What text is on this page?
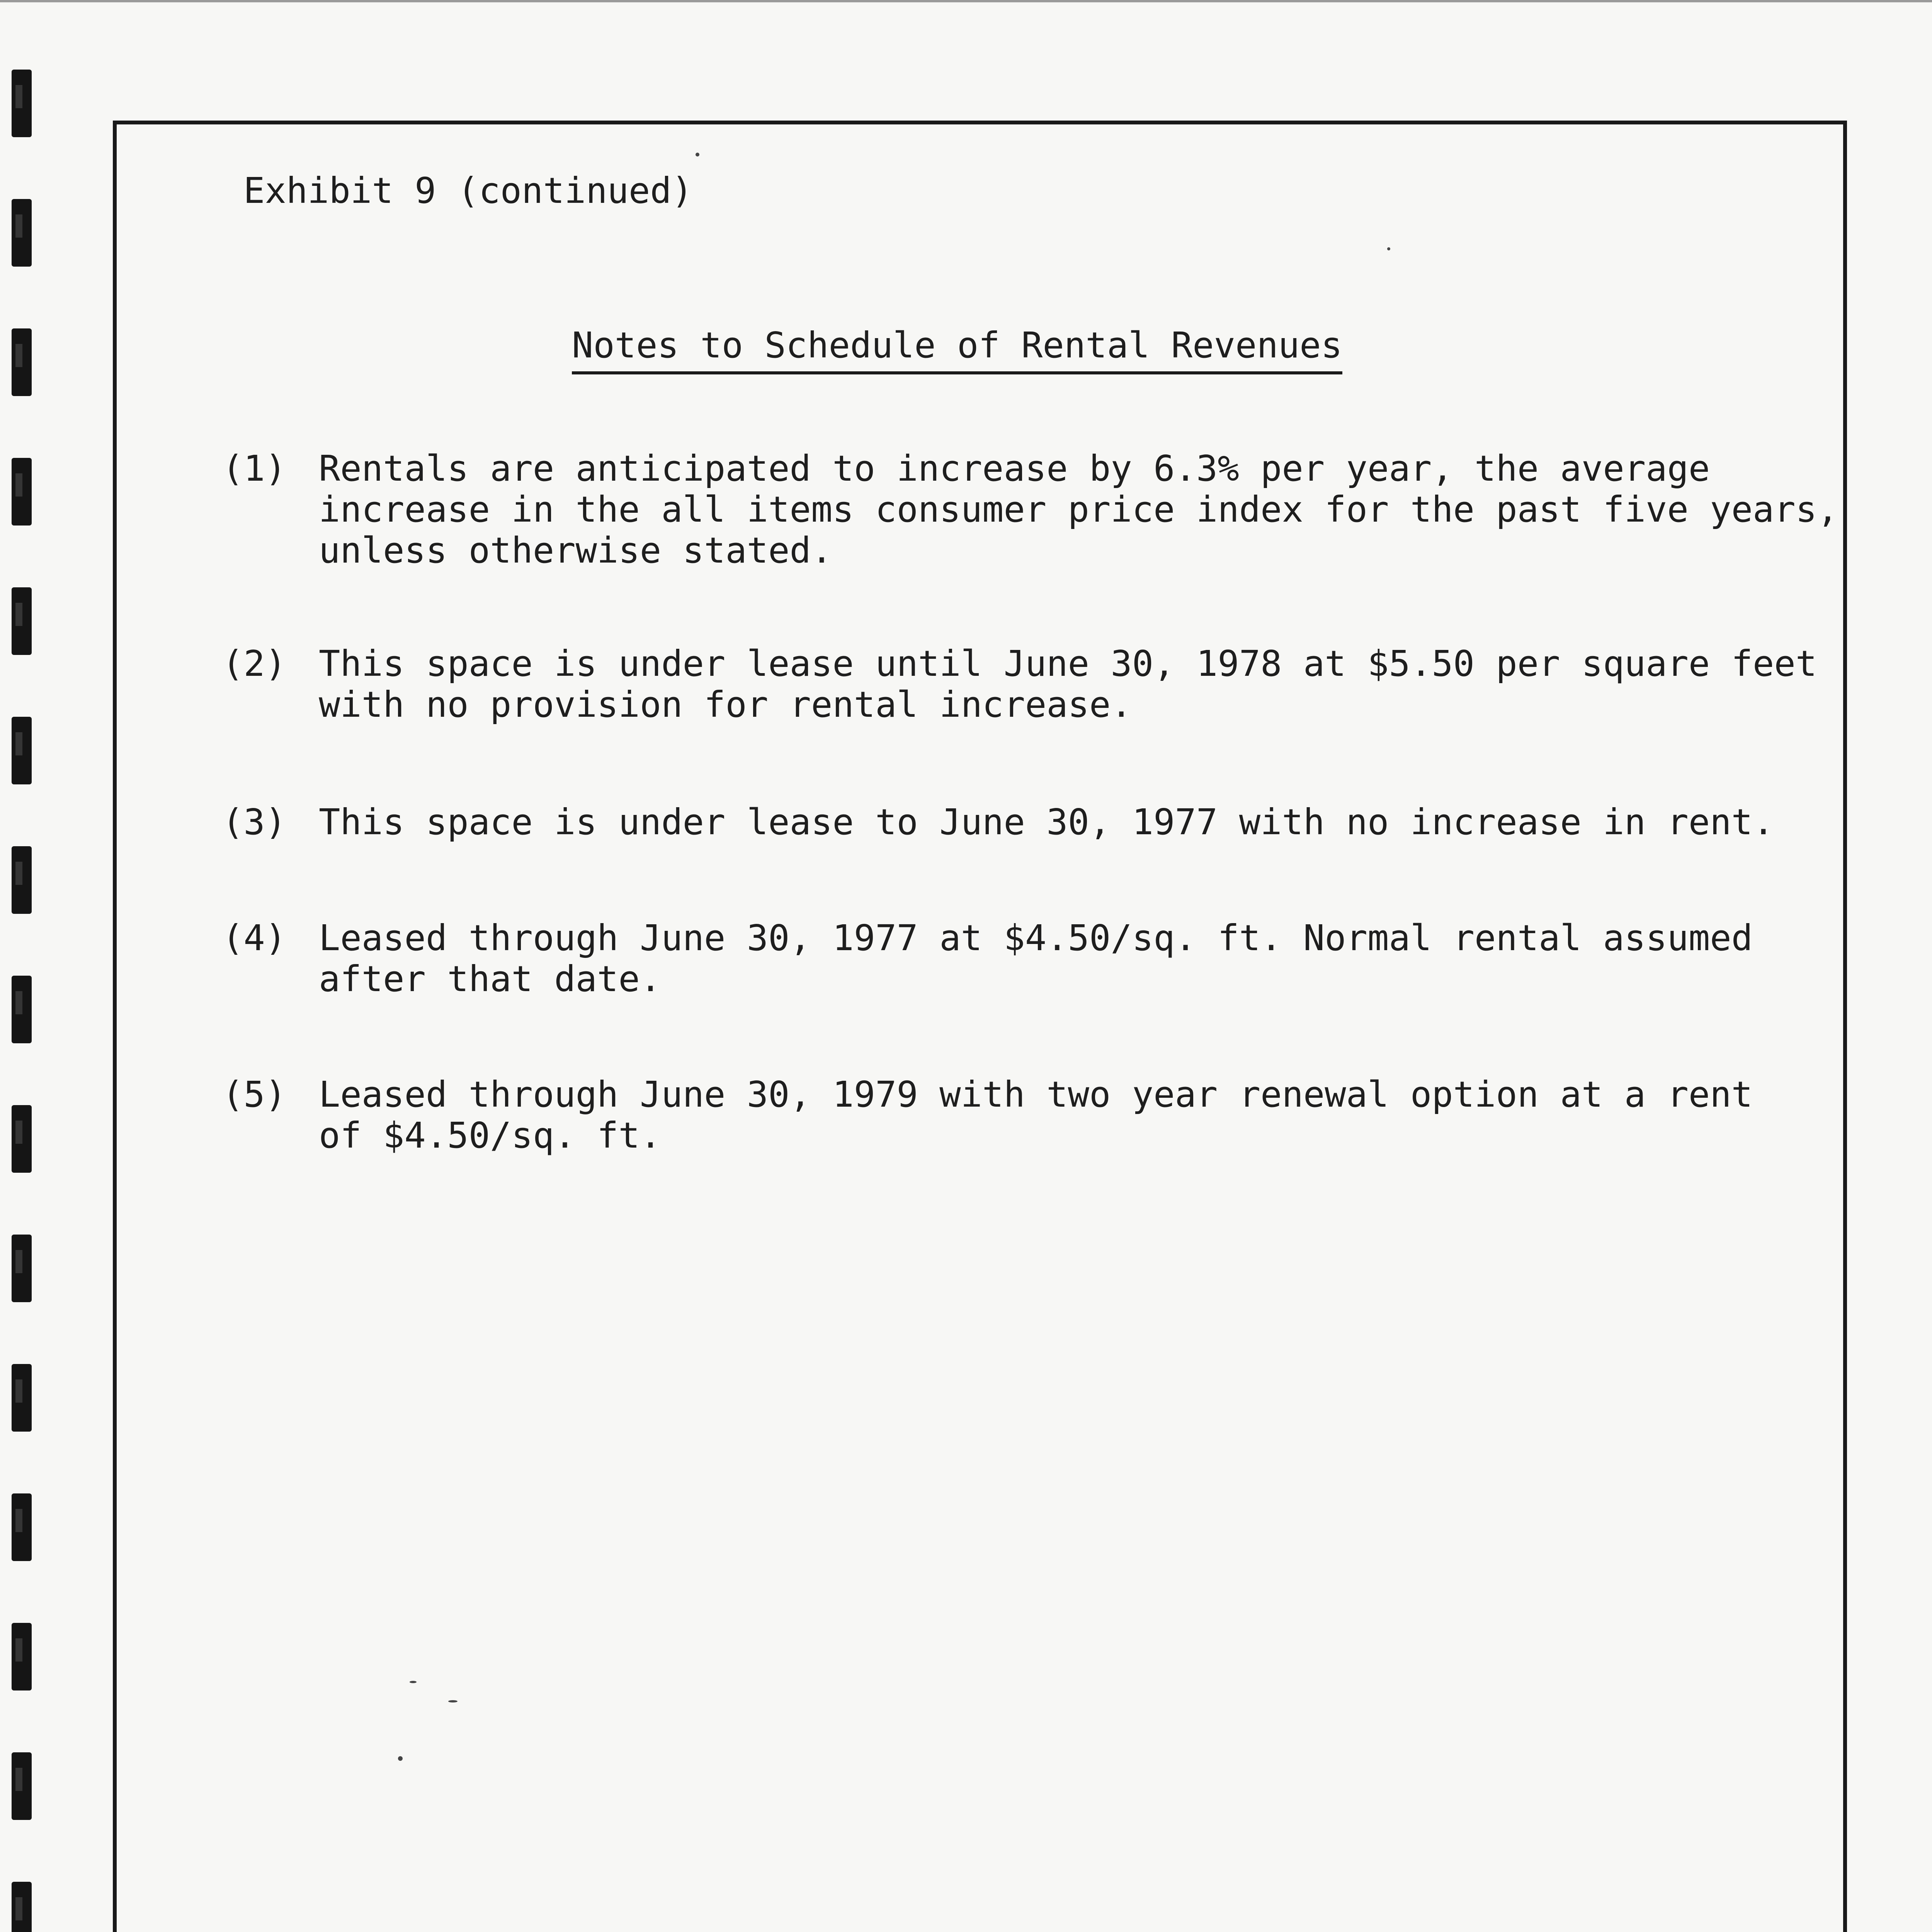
Exhibit 9 (continued)
Notes to Schedule of Rental Revenues
(1) Rentals are anticipated to increase by 6.3% per year, the average
increase in the all items consumer price index for the past five years,
unless otherwise stated.
(2) This space is under lease until June 30, 1978 at $5.50 per square feet
with no provision for rental increase.
(3) This space is under lease to June 30, 1977 with no increase in rent.
(4) Leased through June 30, 1977 at $4.50/sq. ft. Normal rental assumed
after that date.
(5) Leased through June 30, 1979 with two year renewal option at a rent
of $4.50/sq. ft.
